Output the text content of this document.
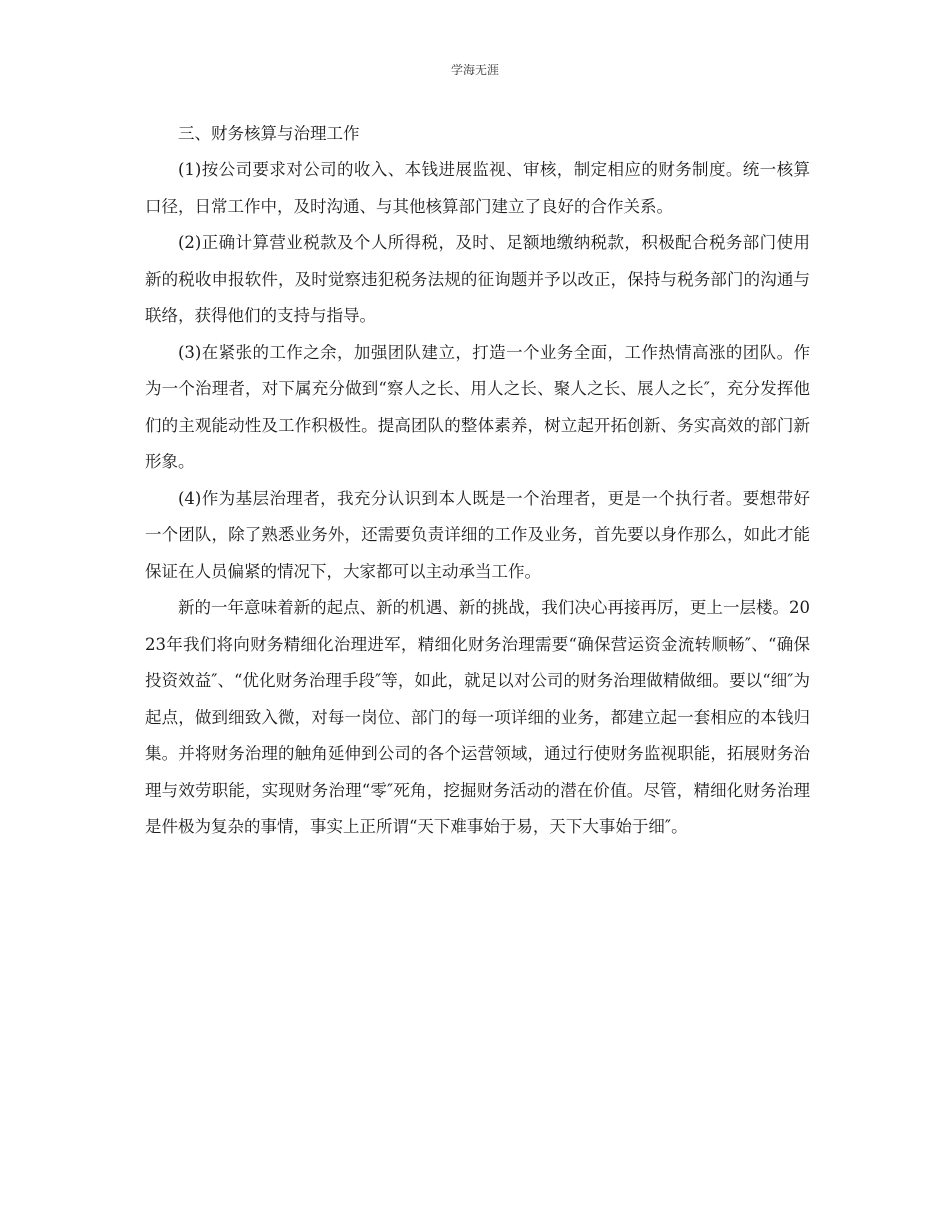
学海无涯

三、财务核算与治理工作

(1)按公司要求对公司的收入、本钱进展监视、审核，制定相应的财务制度。统一核算口径，日常工作中，及时沟通、与其他核算部门建立了良好的合作关系。

(2)正确计算营业税款及个人所得税，及时、足额地缴纳税款，积极配合税务部门使用新的税收申报软件，及时觉察违犯税务法规的征询题并予以改正，保持与税务部门的沟通与联络，获得他们的支持与指导。

(3)在紧张的工作之余，加强团队建立，打造一个业务全面，工作热情高涨的团队。作为一个治理者，对下属充分做到“察人之长、用人之长、聚人之长、展人之长″，充分发挥他们的主观能动性及工作积极性。提高团队的整体素养，树立起开拓创新、务实高效的部门新形象。

(4)作为基层治理者，我充分认识到本人既是一个治理者，更是一个执行者。要想带好一个团队，除了熟悉业务外，还需要负责详细的工作及业务，首先要以身作那么，如此才能保证在人员偏紧的情况下，大家都可以主动承当工作。

新的一年意味着新的起点、新的机遇、新的挑战，我们决心再接再厉，更上一层楼。2023年我们将向财务精细化治理进军，精细化财务治理需要“确保营运资金流转顺畅″、“确保投资效益″、“优化财务治理手段″等，如此，就足以对公司的财务治理做精做细。要以“细″为起点，做到细致入微，对每一岗位、部门的每一项详细的业务，都建立起一套相应的本钱归集。并将财务治理的触角延伸到公司的各个运营领域，通过行使财务监视职能，拓展财务治理与效劳职能，实现财务治理“零″死角，挖掘财务活动的潜在价值。尽管，精细化财务治理是件极为复杂的事情，事实上正所谓“天下难事始于易，天下大事始于细″。
